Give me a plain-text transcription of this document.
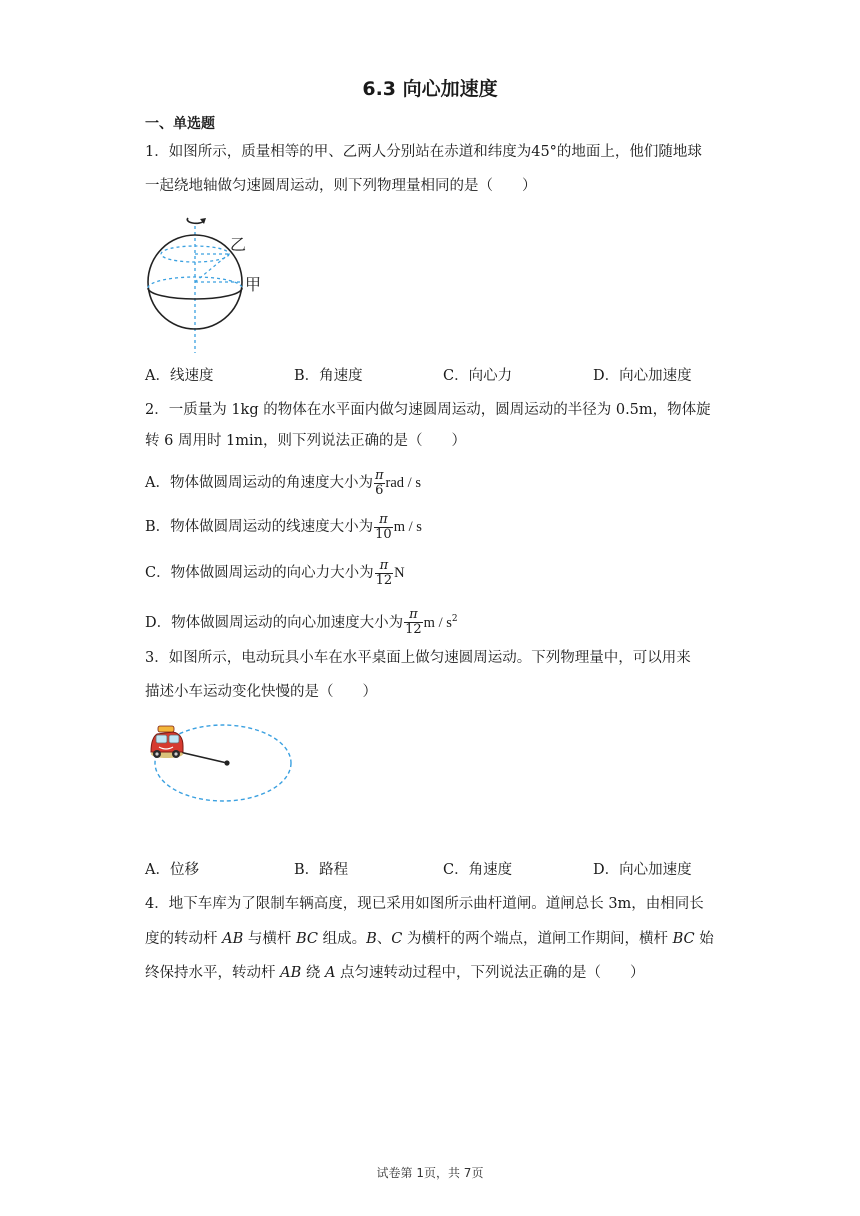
6.3 向心加速度
一、单选题
1．如图所示，质量相等的甲、乙两人分别站在赤道和纬度为45°的地面上，他们随地球
一起绕地轴做匀速圆周运动，则下列物理量相同的是（　　）
乙
甲
A．线速度	B．角速度	C．向心力	D．向心加速度
2．一质量为 1kg 的物体在水平面内做匀速圆周运动，圆周运动的半径为 0.5m，物体旋
转 6 周用时 1min，则下列说法正确的是（　　）
A．物体做圆周运动的角速度大小为 $\frac{\pi}{6}$ rad / s
B．物体做圆周运动的线速度大小为 $\frac{\pi}{10}$ m / s
C．物体做圆周运动的向心力大小为 $\frac{\pi}{12}$ N
D．物体做圆周运动的向心加速度大小为 $\frac{\pi}{12}$ m / $s^2$
3．如图所示，电动玩具小车在水平桌面上做匀速圆周运动。下列物理量中，可以用来
描述小车运动变化快慢的是（　　）
A．位移	B．路程	C．角速度	D．向心加速度
4．地下车库为了限制车辆高度，现已采用如图所示曲杆道闸。道闸总长 3m，由相同长
度的转动杆 AB 与横杆 BC 组成。B、C 为横杆的两个端点，道闸工作期间，横杆 BC 始
终保持水平，转动杆 AB 绕 A 点匀速转动过程中，下列说法正确的是（　　）
试卷第 1页，共 7页
